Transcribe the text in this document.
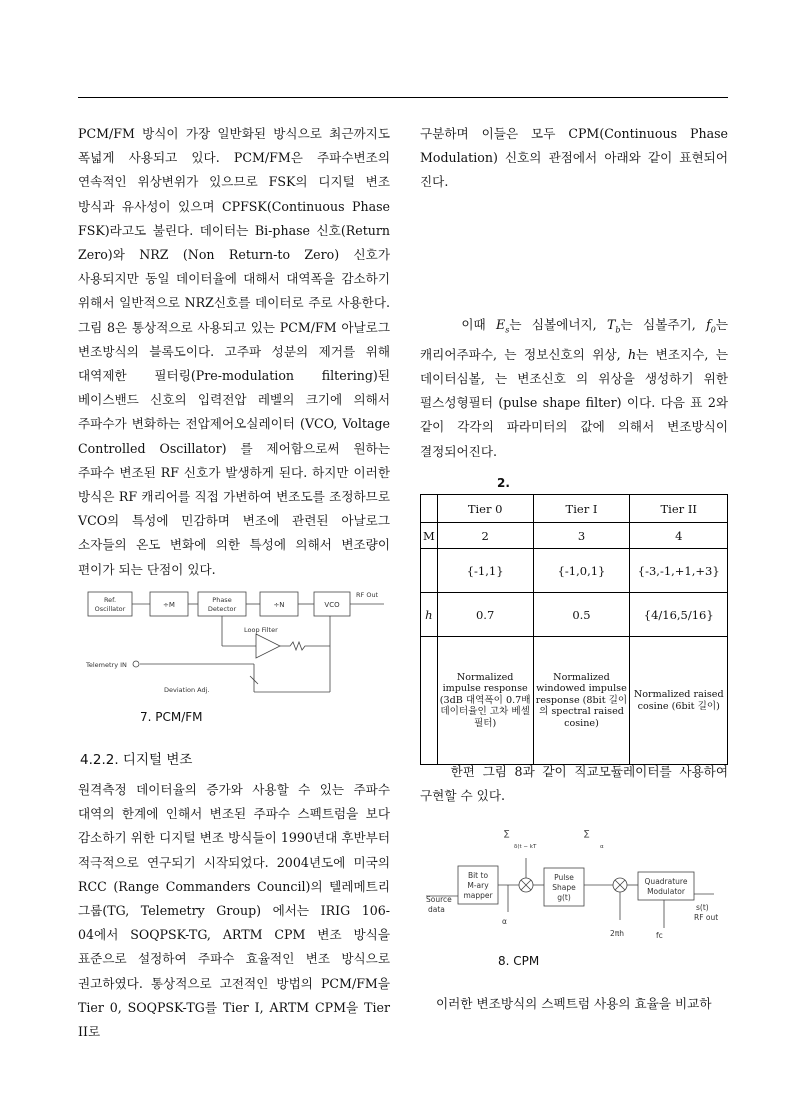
PCM/FM 방식이 가장 일반화된 방식으로 최근까지도 폭넓게 사용되고 있다. PCM/FM은 주파수변조의 연속적인 위상변위가 있으므로 FSK의 디지털 변조 방식과 유사성이 있으며 CPFSK(Continuous Phase FSK)라고도 불린다. 데이터는 Bi-phase 신호(Return Zero)와 NRZ (Non Return-to Zero) 신호가 사용되지만 동일 데이터율에 대해서 대역폭을 감소하기 위해서 일반적으로 NRZ신호를 데이터로 주로 사용한다. 그림 8은 통상적으로 사용되고 있는 PCM/FM 아날로그 변조방식의 블록도이다. 고주파 성분의 제거를 위해 대역제한 필터링(Pre-modulation filtering)된 베이스밴드 신호의 입력전압 레벨의 크기에 의해서 주파수가 변화하는 전압제어오실레이터 (VCO, Voltage Controlled Oscillator) 를 제어함으로써 원하는 주파수 변조된 RF 신호가 발생하게 된다. 하지만 이러한 방식은 RF 캐리어를 직접 가변하여 변조도를 조정하므로 VCO의 특성에 민감하며 변조에 관련된 아날로그 소자들의 온도 변화에 의한 특성에 의해서 변조량이 편이가 되는 단점이 있다.

Ref.
Oscillator	÷M
Phase
Detector	÷N	VCO
RF Out
Loop Filter
Telemetry IN
Deviation Adj.
7. PCM/FM
4.2.2. 디지털 변조

원격측정 데이터율의 증가와 사용할 수 있는 주파수 대역의 한계에 인해서 변조된 주파수 스펙트럼을 보다 감소하기 위한 디지털 변조 방식들이 1990년대 후반부터 적극적으로 연구되기 시작되었다. 2004년도에 미국의 RCC (Range Commanders Council)의 텔레메트리 그룹(TG, Telemetry Group) 에서는 IRIG 106-04에서 SOQPSK-TG, ARTM CPM 변조 방식을 표준으로 설정하여 주파수 효율적인 변조 방식으로 권고하였다. 통상적으로 고전적인 방법의 PCM/FM을 Tier 0, SOQPSK-TG를 Tier I, ARTM CPM을 Tier II로

구분하며 이들은 모두 CPM(Continuous Phase Modulation) 신호의 관점에서 아래와 같이 표현되어 진다.

이때 $E_s$는 심볼에너지, $T_b$는 심볼주기, $f_0$는 캐리어주파수, 는 정보신호의 위상, h는 변조지수, 는 데이터심볼, 는 변조신호 의 위상을 생성하기 위한 펄스성형필터 (pulse shape filter) 이다. 다음 표 2와 같이 각각의 파라미터의 값에 의해서 변조방식이 결정되어진다.

2.
	Tier 0	Tier I	Tier II
M	2	3	4
	{-1,1}	{-1,0,1}	{-3,-1,+1,+3}
h	0.7	0.5	{4/16,5/16}
	Normalized impulse response (3dB 대역폭이 0.7배 데이터율인 고차 베셀 필터)	Normalized windowed impulse response (8bit 길이의 spectral raised cosine)	Normalized raised cosine (6bit 길이)

한편 그림 8과 같이 직교모듈레이터를 사용하여 구현할 수 있다.

∑
δ(t − kT
∑
α
Bit to
M-ary
mapper
Source
data
Pulse
Shape
g(t)
Quadrature
Modulator
s(t)
RF out
α
2πh	fc
8. CPM

이러한 변조방식의 스펙트럼 사용의 효율을 비교하
